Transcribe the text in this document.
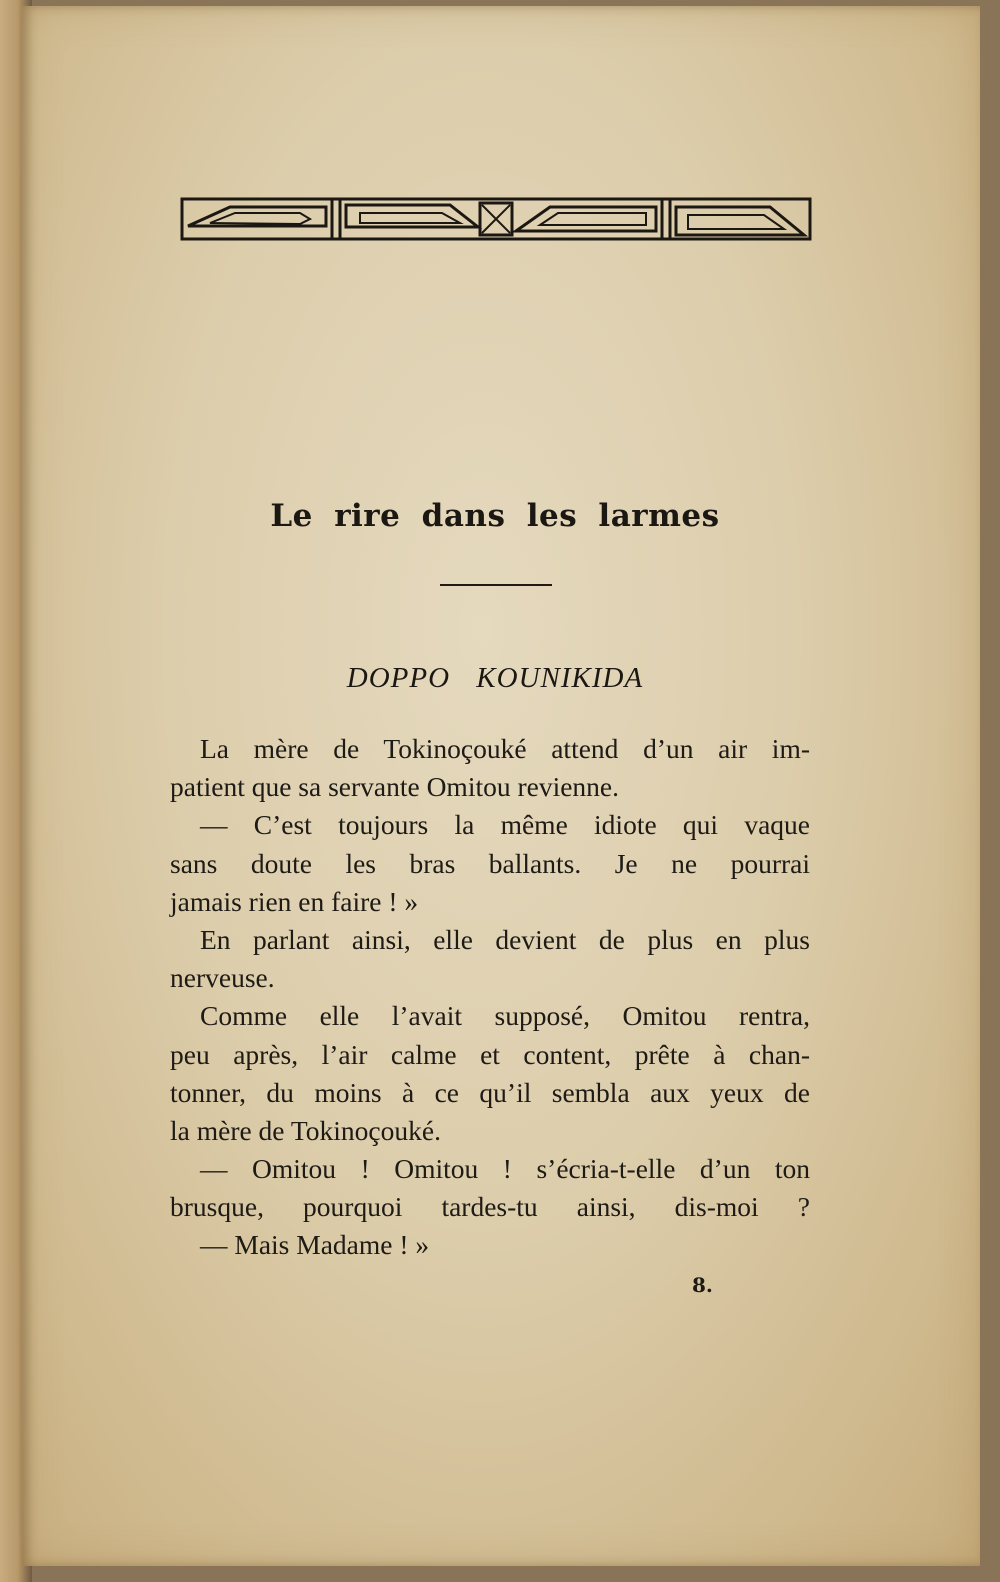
Le rire dans les larmes
DOPPO KOUNIKIDA
La mère de Tokinoçouké attend d’un air im-
patient que sa servante Omitou revienne.
— C’est toujours la même idiote qui vaque
sans doute les bras ballants. Je ne pourrai
jamais rien en faire ! »
En parlant ainsi, elle devient de plus en plus
nerveuse.
Comme elle l’avait supposé, Omitou rentra,
peu après, l’air calme et content, prête à chan-
tonner, du moins à ce qu’il sembla aux yeux de
la mère de Tokinoçouké.
— Omitou ! Omitou ! s’écria-t-elle d’un ton
brusque, pourquoi tardes-tu ainsi, dis-moi ?
— Mais Madame ! »
8.
